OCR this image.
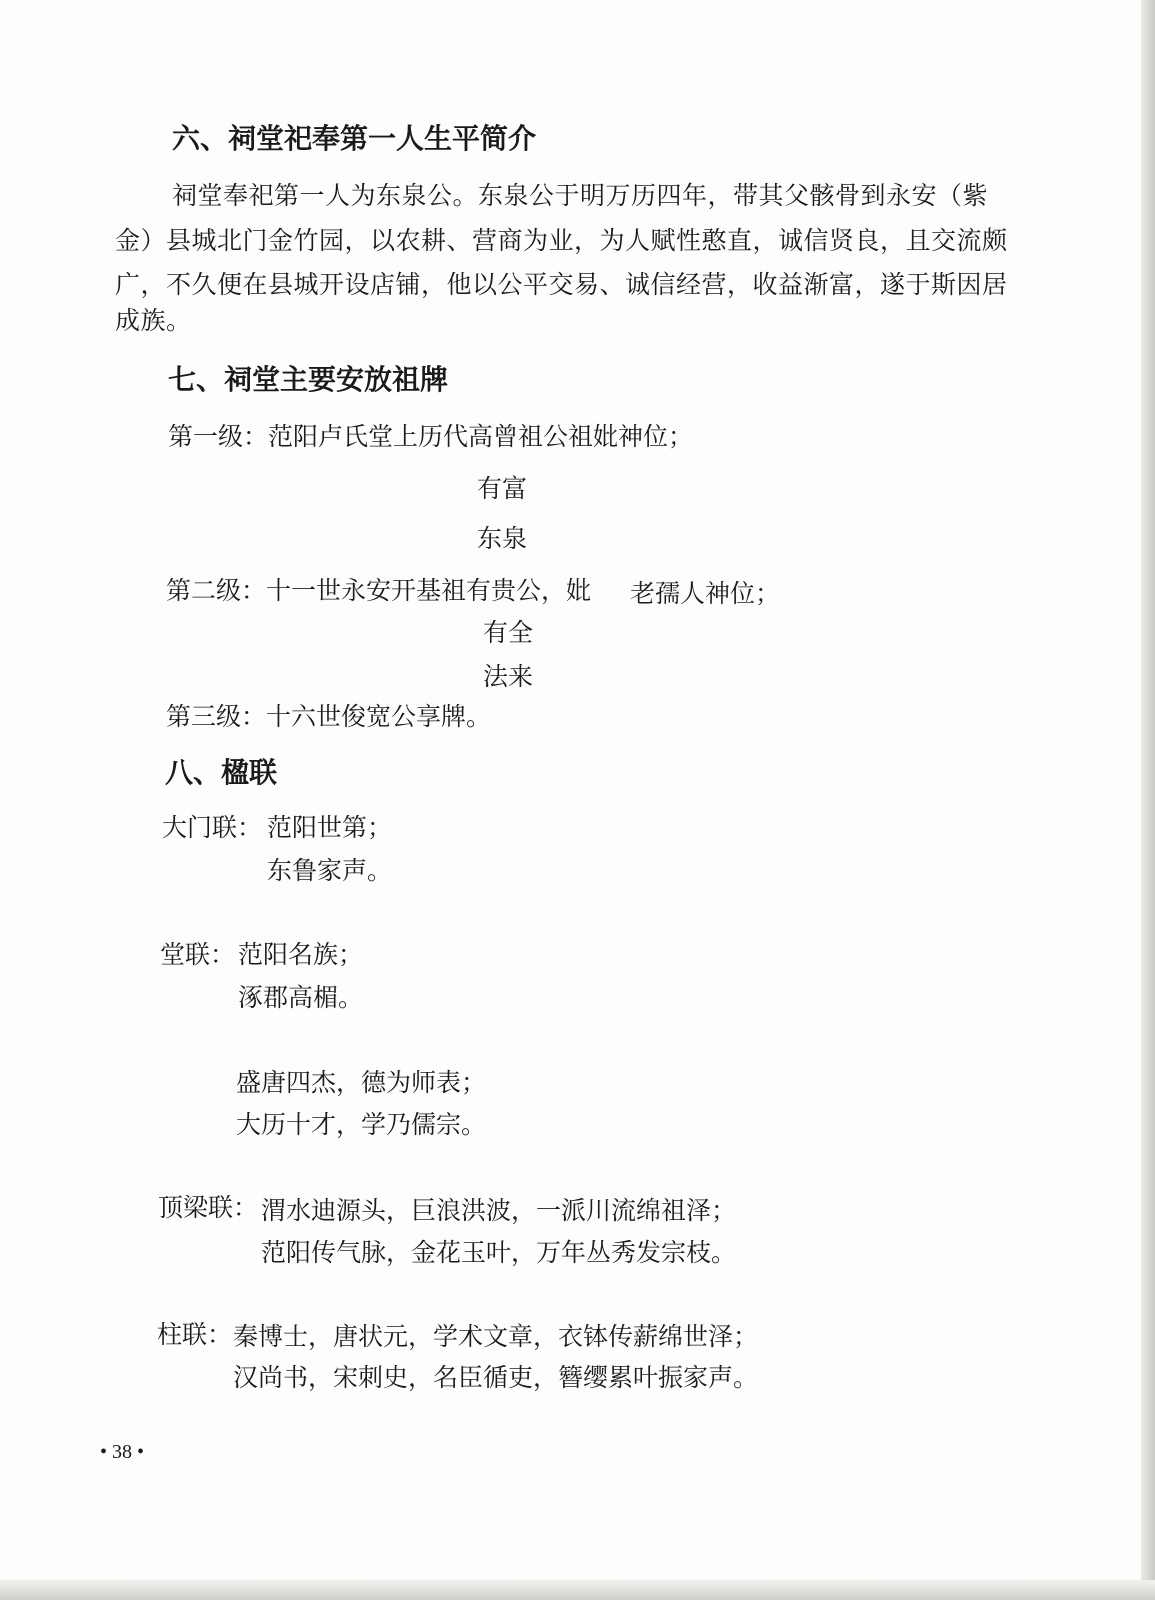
六、祠堂祀奉第一人生平简介
祠堂奉祀第一人为东泉公。东泉公于明万历四年，带其父骸骨到永安（紫
金）县城北门金竹园，以农耕、营商为业，为人赋性憨直，诚信贤良，且交流颇
广，不久便在县城开设店铺，他以公平交易、诚信经营，收益渐富，遂于斯因居
成族。
七、祠堂主要安放祖牌
第一级：范阳卢氏堂上历代高曾祖公祖妣神位；
有富
东泉
第二级：十一世永安开基祖有贵公，妣 老孺人神位；
有全
法来
第三级：十六世俊宽公享牌。
八、楹联
大门联： 范阳世第；
东鲁家声。
堂联： 范阳名族；
涿郡高楣。
盛唐四杰，德为师表；
大历十才，学乃儒宗。
顶梁联： 渭水迪源头，巨浪洪波，一派川流绵祖泽；
范阳传气脉，金花玉叶，万年丛秀发宗枝。
柱联： 秦博士，唐状元，学术文章，衣钵传薪绵世泽；
汉尚书，宋刺史，名臣循吏，簪缨累叶振家声。
• 38 •
